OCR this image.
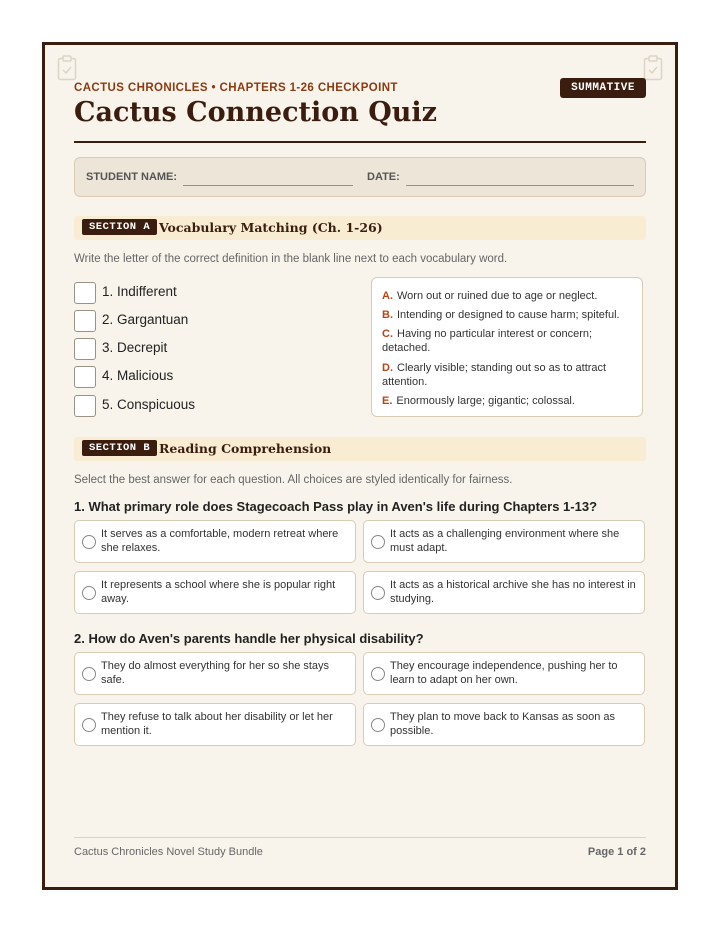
CACTUS CHRONICLES • CHAPTERS 1-26 CHECKPOINT	SUMMATIVE
Cactus Connection Quiz
STUDENT NAME:	DATE:
SECTION A Vocabulary Matching (Ch. 1-26)
Write the letter of the correct definition in the blank line next to each vocabulary word.
1. Indifferent
2. Gargantuan
3. Decrepit
4. Malicious
5. Conspicuous
A. Worn out or ruined due to age or neglect.
B. Intending or designed to cause harm; spiteful.
C. Having no particular interest or concern; detached.
D. Clearly visible; standing out so as to attract attention.
E. Enormously large; gigantic; colossal.
SECTION B Reading Comprehension
Select the best answer for each question. All choices are styled identically for fairness.
1. What primary role does Stagecoach Pass play in Aven's life during Chapters 1-13?
It serves as a comfortable, modern retreat where she relaxes.
It acts as a challenging environment where she must adapt.
It represents a school where she is popular right away.
It acts as a historical archive she has no interest in studying.
2. How do Aven's parents handle her physical disability?
They do almost everything for her so she stays safe.
They encourage independence, pushing her to learn to adapt on her own.
They refuse to talk about her disability or let her mention it.
They plan to move back to Kansas as soon as possible.
Cactus Chronicles Novel Study Bundle	Page 1 of 2
